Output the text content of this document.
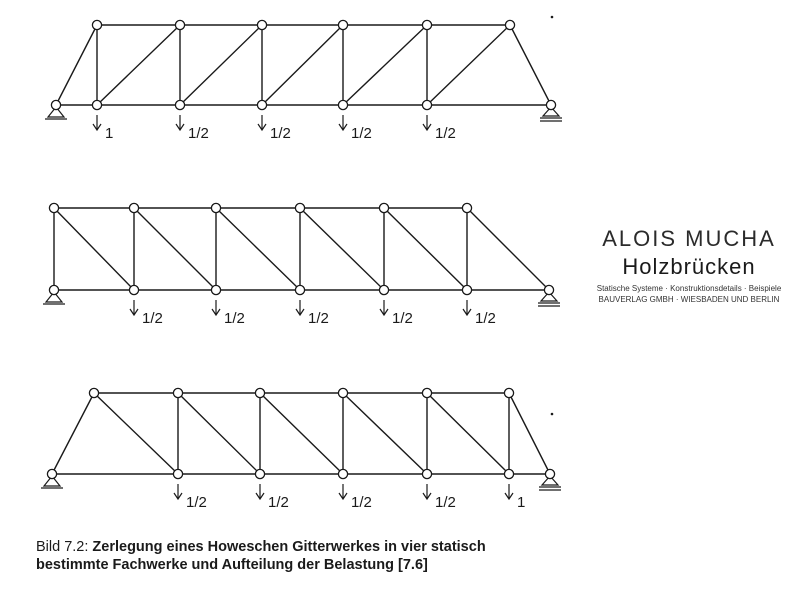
1	1/2	1/2	1/2	1/2
1/2	1/2	1/2	1/2	1/2
1/2	1/2	1/2	1/2	1
ALOIS MUCHA
Holzbrücken
Statische Systeme · Konstruktionsdetails · Beispiele
BAUVERLAG GMBH · WIESBADEN UND BERLIN
Bild 7.2: Zerlegung eines Howeschen Gitterwerkes in vier statisch
bestimmte Fachwerke und Aufteilung der Belastung [7.6]
